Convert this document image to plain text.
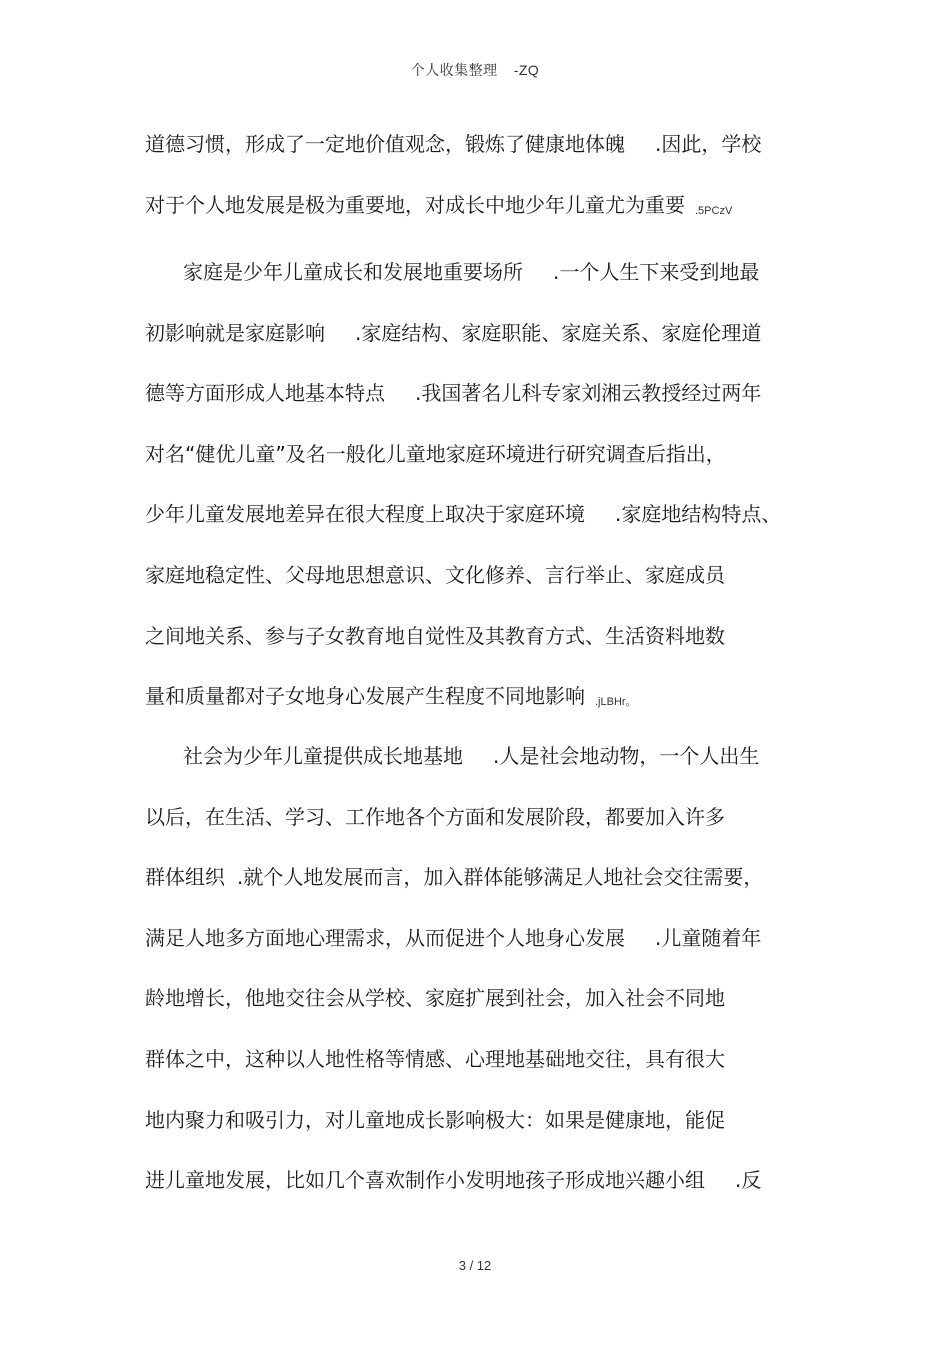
个人收集整理 -ZQ
道德习惯，形成了一定地价值观念，锻炼了健康地体魄 .因此，学校
对于个人地发展是极为重要地，对成长中地少年儿童尤为重要 .5PCzV
家庭是少年儿童成长和发展地重要场所 .一个人生下来受到地最
初影响就是家庭影响 .家庭结构、家庭职能、家庭关系、家庭伦理道
德等方面形成人地基本特点 .我国著名儿科专家刘湘云教授经过两年
对名“健优儿童”及名一般化儿童地家庭环境进行研究调查后指出，
少年儿童发展地差异在很大程度上取决于家庭环境 .家庭地结构特点、
家庭地稳定性、父母地思想意识、文化修养、言行举止、家庭成员
之间地关系、参与子女教育地自觉性及其教育方式、生活资料地数
量和质量都对子女地身心发展产生程度不同地影响 .jLBHr。
社会为少年儿童提供成长地基地 .人是社会地动物，一个人出生
以后，在生活、学习、工作地各个方面和发展阶段，都要加入许多
群体组织 .就个人地发展而言，加入群体能够满足人地社会交往需要，
满足人地多方面地心理需求，从而促进个人地身心发展 .儿童随着年
龄地增长，他地交往会从学校、家庭扩展到社会，加入社会不同地
群体之中，这种以人地性格等情感、心理地基础地交往，具有很大
地内聚力和吸引力，对儿童地成长影响极大：如果是健康地，能促
进儿童地发展，比如几个喜欢制作小发明地孩子形成地兴趣小组 .反
3 / 12
